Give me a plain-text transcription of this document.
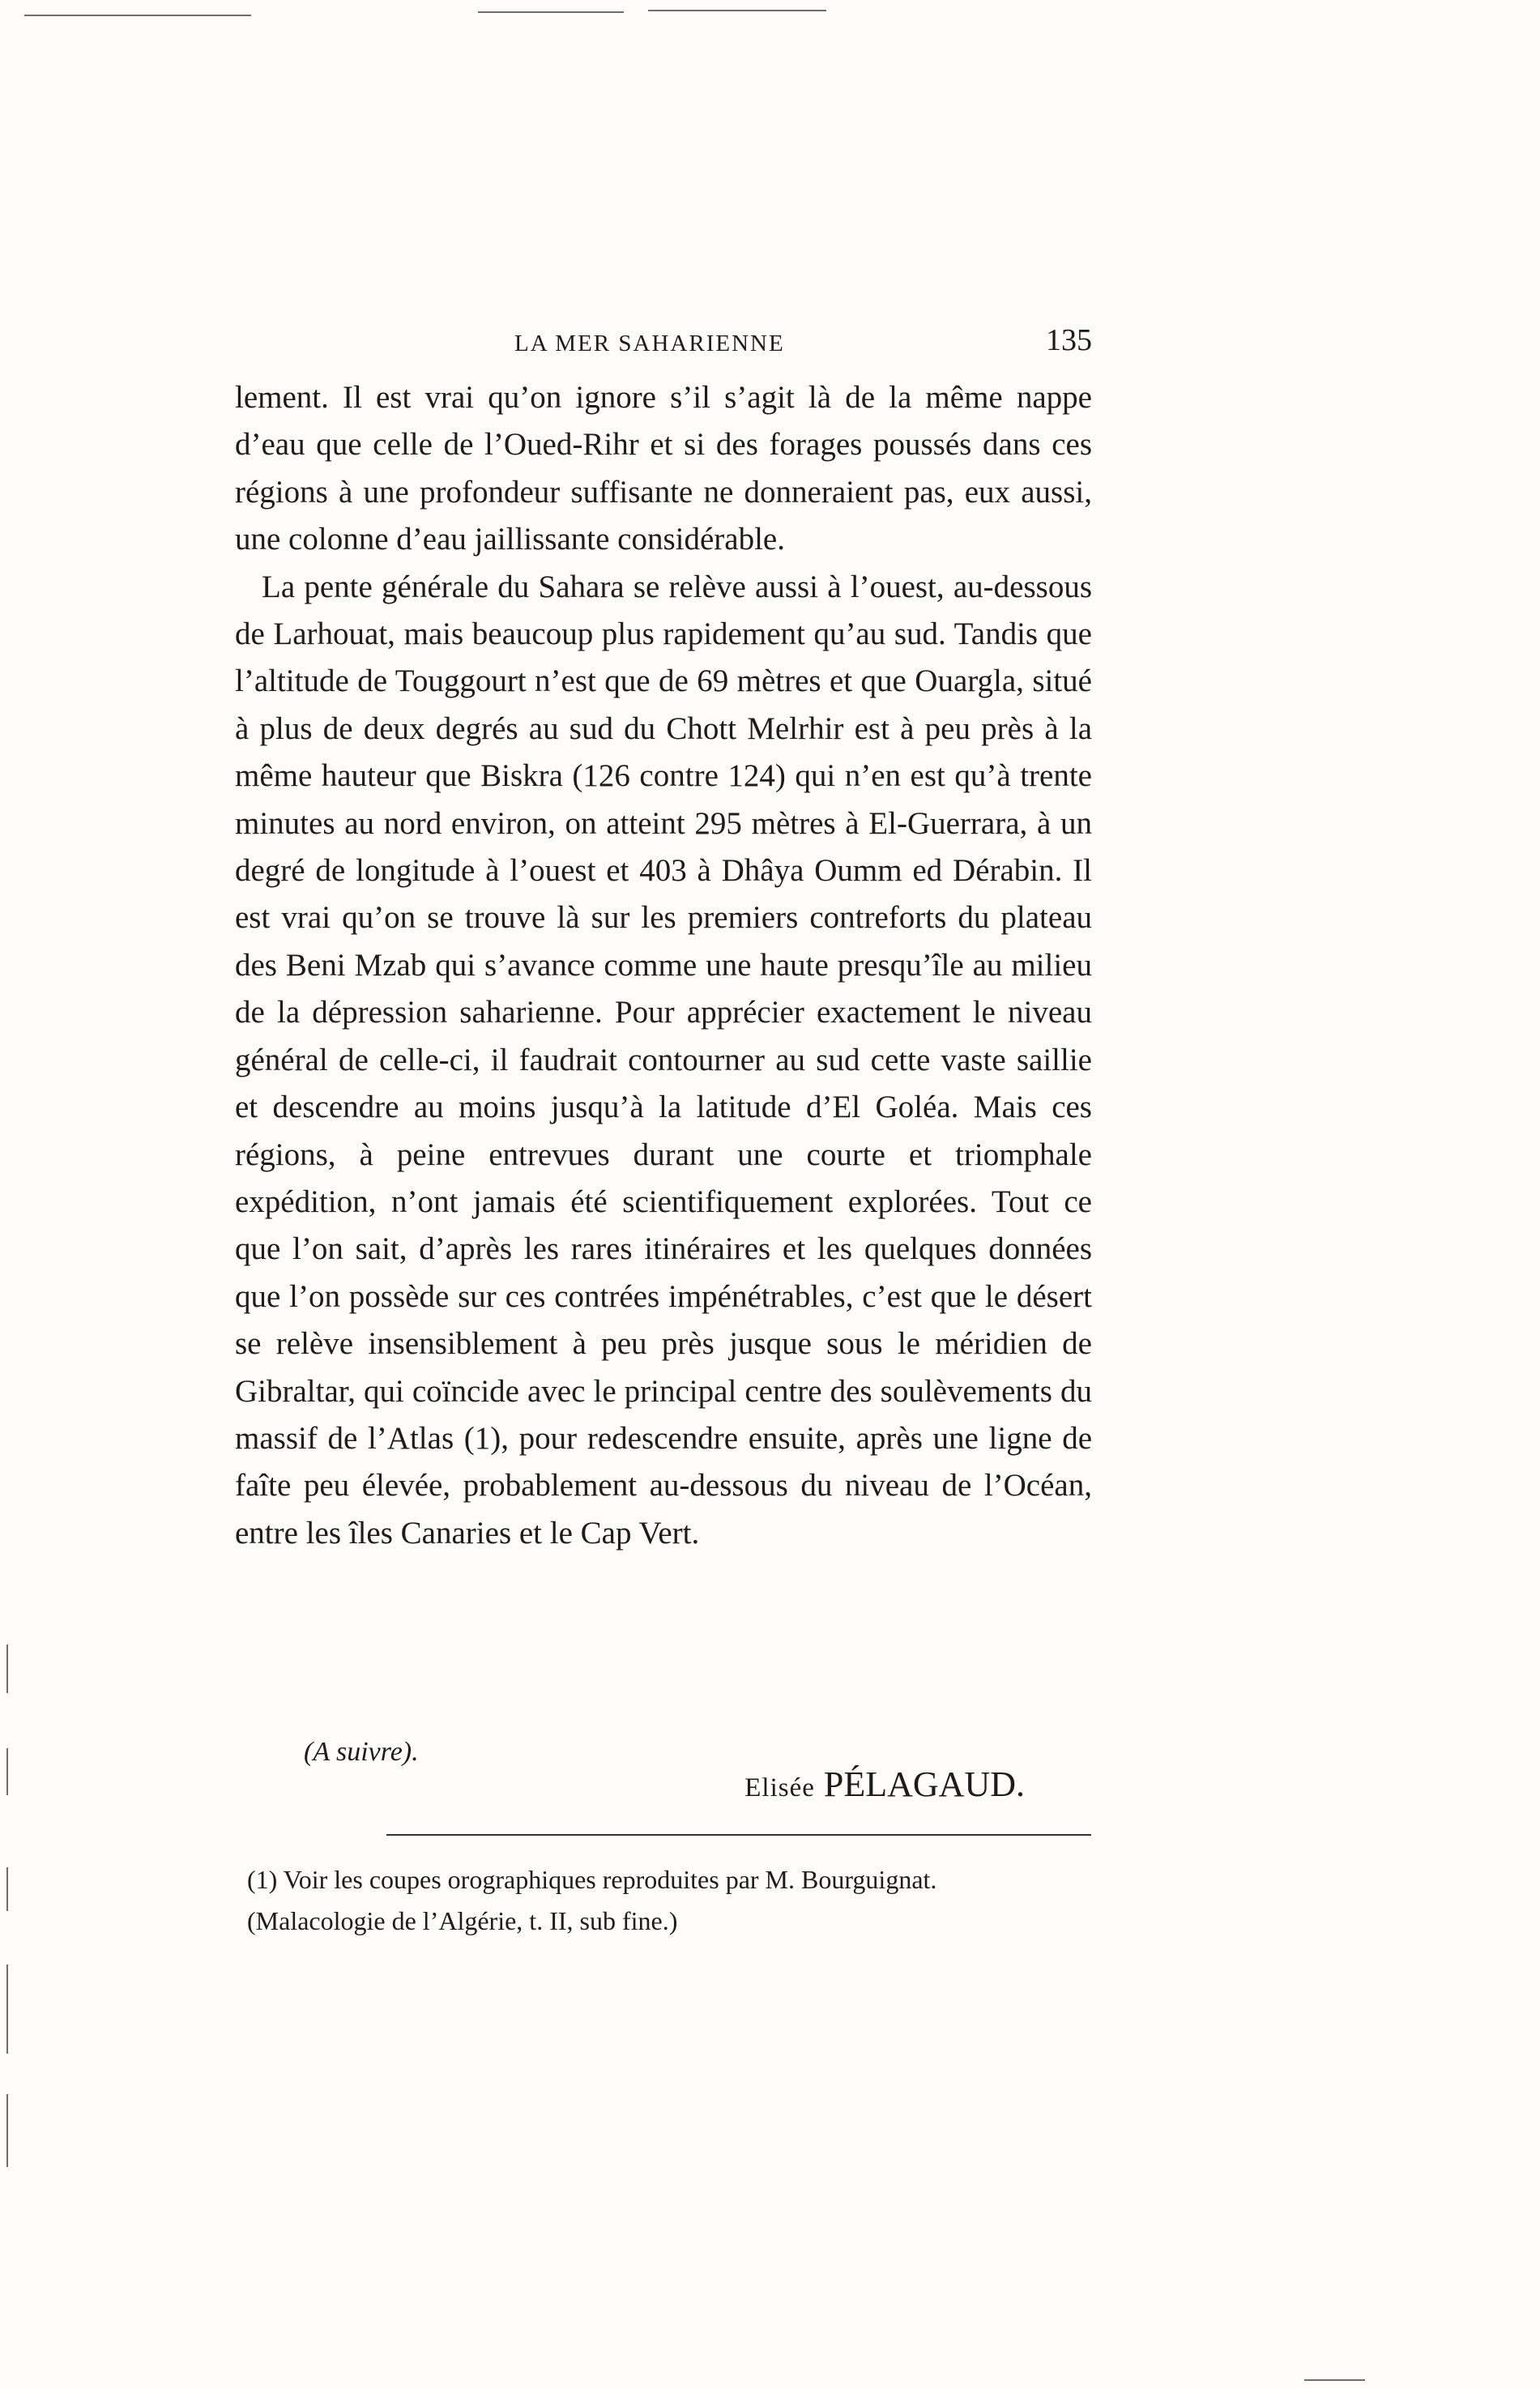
LA MER SAHARIENNE	135

lement. Il est vrai qu’on ignore s’il s’agit là de la même nappe d’eau que celle de l’Oued-Rihr et si des forages poussés dans ces régions à une profondeur suffisante ne donneraient pas, eux aussi, une colonne d’eau jaillissante considérable.

La pente générale du Sahara se relève aussi à l’ouest, au-dessous de Larhouat, mais beaucoup plus rapidement qu’au sud. Tandis que l’altitude de Touggourt n’est que de 69 mètres et que Ouargla, situé à plus de deux degrés au sud du Chott Melrhir est à peu près à la même hauteur que Biskra (126 contre 124) qui n’en est qu’à trente minutes au nord environ, on atteint 295 mètres à El-Guerrara, à un degré de longitude à l’ouest et 403 à Dhâya Oumm ed Dérabin. Il est vrai qu’on se trouve là sur les premiers contreforts du plateau des Beni Mzab qui s’avance comme une haute presqu’île au milieu de la dépression saharienne. Pour apprécier exactement le niveau général de celle-ci, il faudrait contourner au sud cette vaste saillie et descendre au moins jusqu’à la latitude d’El Goléa. Mais ces régions, à peine entrevues durant une courte et triomphale expédition, n’ont jamais été scientifiquement explorées. Tout ce que l’on sait, d’après les rares itinéraires et les quelques données que l’on possède sur ces contrées impénétrables, c’est que le désert se relève insensiblement à peu près jusque sous le méridien de Gibraltar, qui coïncide avec le principal centre des soulèvements du massif de l’Atlas (1), pour redescendre ensuite, après une ligne de faîte peu élevée, probablement au-dessous du niveau de l’Océan, entre les îles Canaries et le Cap Vert.

(A suivre).
Elisée PÉLAGAUD.

(1) Voir les coupes orographiques reproduites par M. Bourguignat.

(Malacologie de l’Algérie, t. II, sub fine.)
